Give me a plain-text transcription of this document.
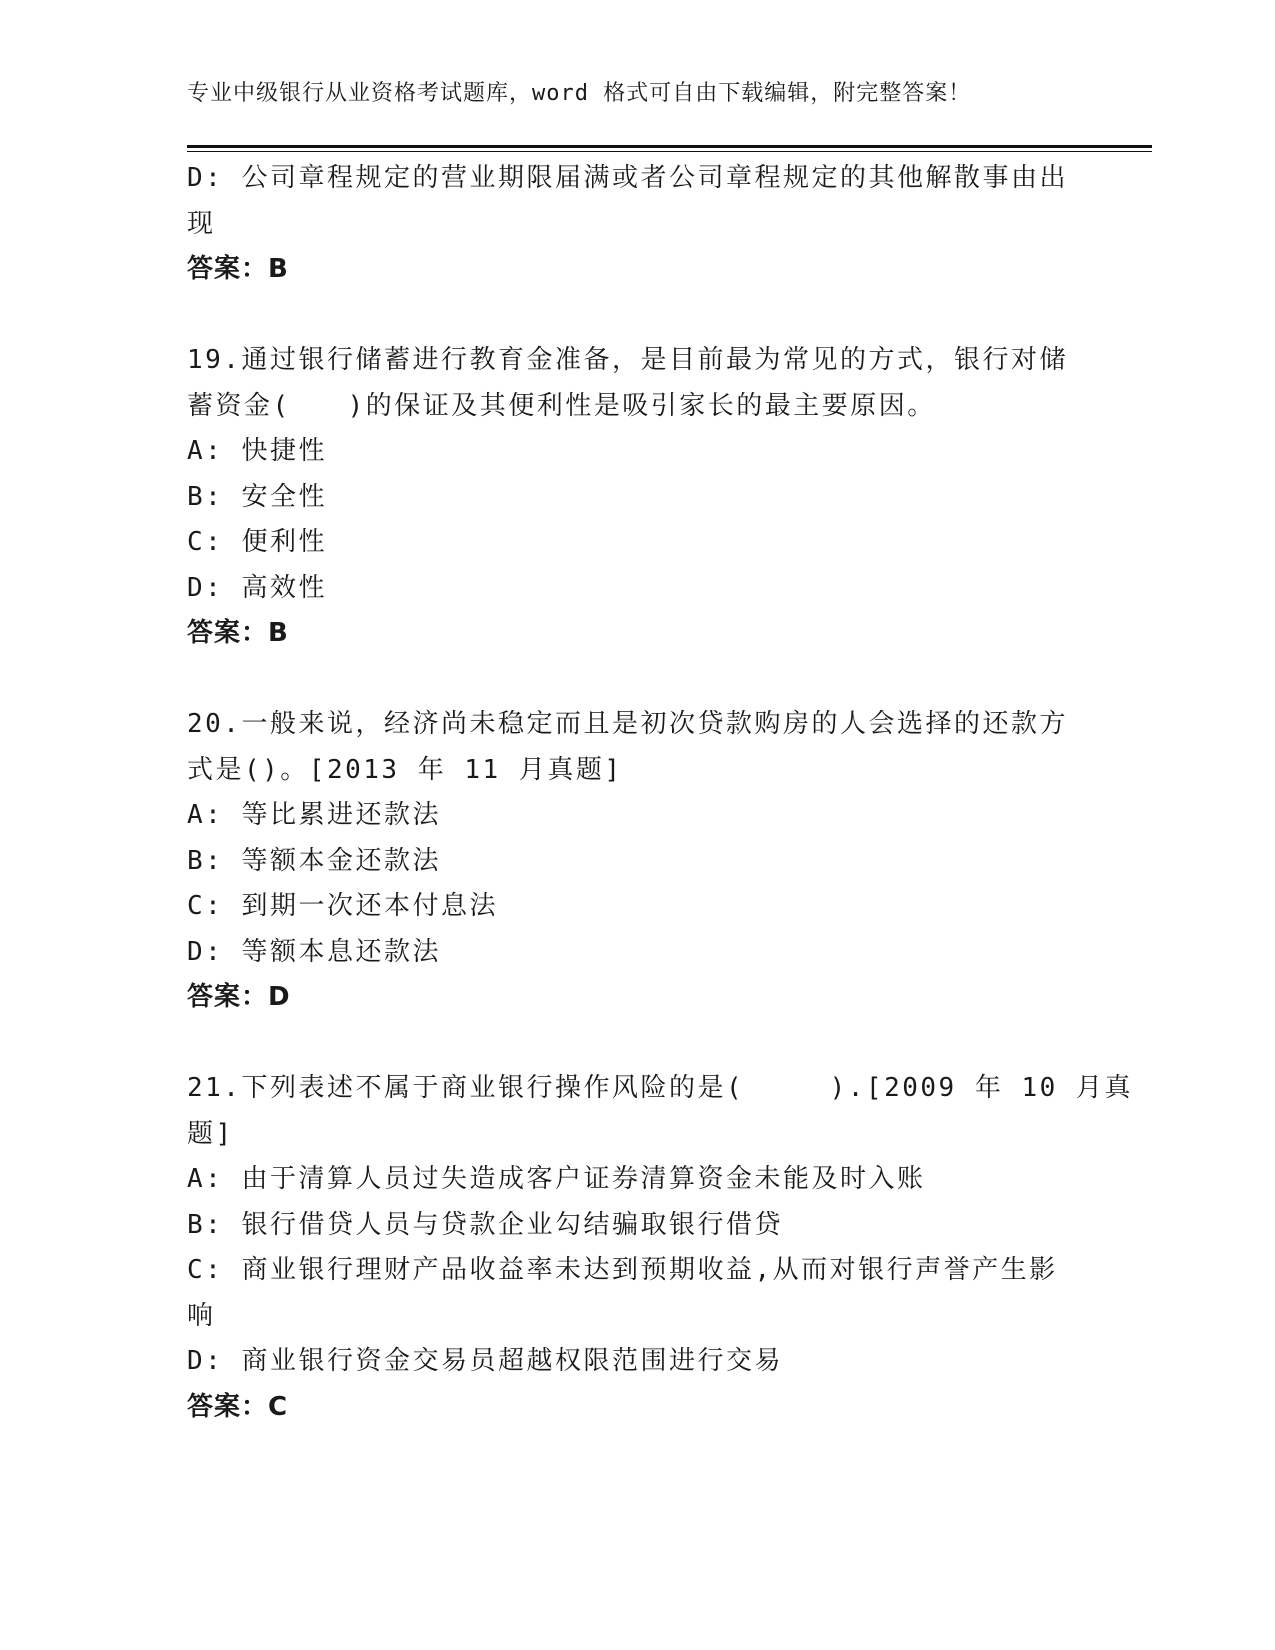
专业中级银行从业资格考试题库，word 格式可自由下载编辑，附完整答案！
D: 公司章程规定的营业期限届满或者公司章程规定的其他解散事由出
现
答案：B
19.通过银行储蓄进行教育金准备，是目前最为常见的方式，银行对储
蓄资金(　　)的保证及其便利性是吸引家长的最主要原因。
A: 快捷性
B: 安全性
C: 便利性
D: 高效性
答案：B
20.一般来说，经济尚未稳定而且是初次贷款购房的人会选择的还款方
式是()。[2013 年 11 月真题]
A: 等比累进还款法
B: 等额本金还款法
C: 到期一次还本付息法
D: 等额本息还款法
答案：D
21.下列表述不属于商业银行操作风险的是(　　　).[2009 年 10 月真
题]
A: 由于清算人员过失造成客户证券清算资金未能及时入账
B: 银行借贷人员与贷款企业勾结骗取银行借贷
C: 商业银行理财产品收益率未达到预期收益,从而对银行声誉产生影
响
D: 商业银行资金交易员超越权限范围进行交易
答案：C
